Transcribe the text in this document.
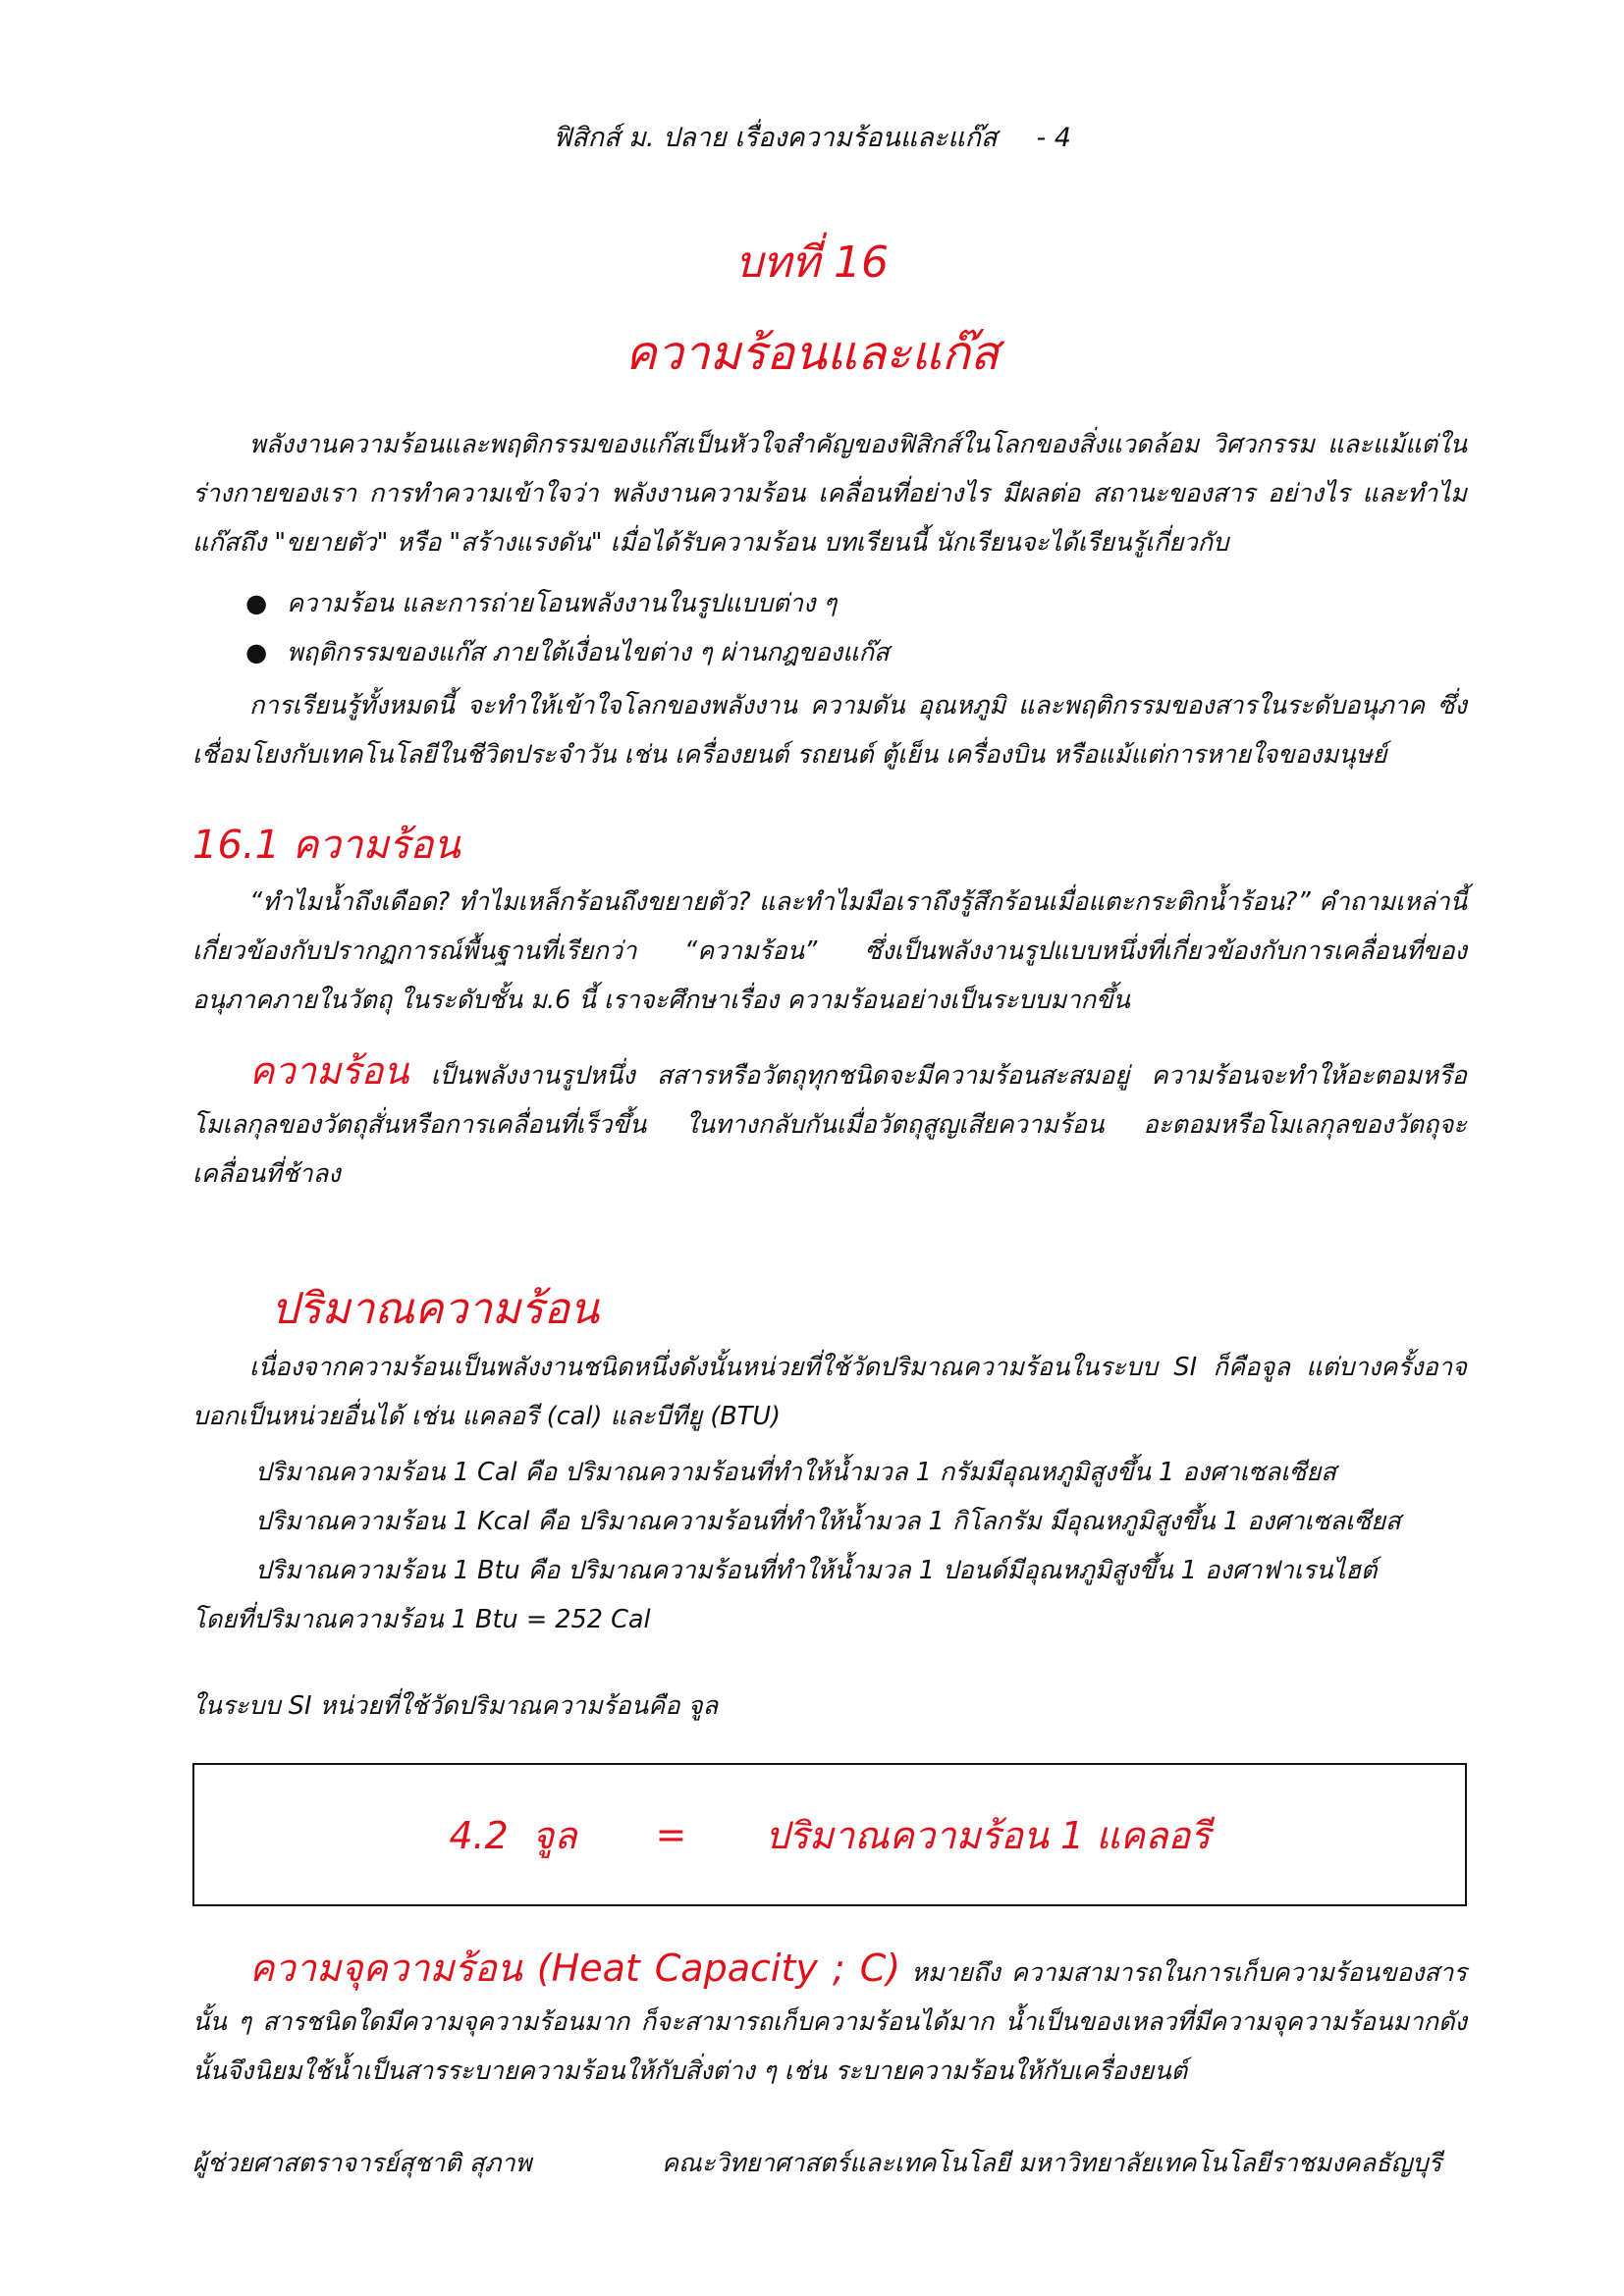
ฟิสิกส์ ม. ปลาย เรื่องความร้อนและแก๊ส - 4
บทที่ 16
ความร้อนและแก๊ส
พลังงานความร้อนและพฤติกรรมของแก๊สเป็นหัวใจสำคัญของฟิสิกส์ในโลกของสิ่งแวดล้อม วิศวกรรม และแม้แต่ในร่างกายของเรา การทำความเข้าใจว่า พลังงานความร้อน เคลื่อนที่อย่างไร มีผลต่อ สถานะของสาร อย่างไร และทำไมแก๊สถึง "ขยายตัว" หรือ "สร้างแรงดัน" เมื่อได้รับความร้อน บทเรียนนี้ นักเรียนจะได้เรียนรู้เกี่ยวกับ
● ความร้อน และการถ่ายโอนพลังงานในรูปแบบต่าง ๆ
● พฤติกรรมของแก๊ส ภายใต้เงื่อนไขต่าง ๆ ผ่านกฎของแก๊ส
การเรียนรู้ทั้งหมดนี้ จะทำให้เข้าใจโลกของพลังงาน ความดัน อุณหภูมิ และพฤติกรรมของสารในระดับอนุภาค ซึ่งเชื่อมโยงกับเทคโนโลยีในชีวิตประจำวัน เช่น เครื่องยนต์ รถยนต์ ตู้เย็น เครื่องบิน หรือแม้แต่การหายใจของมนุษย์
16.1 ความร้อน
“ทำไมน้ำถึงเดือด? ทำไมเหล็กร้อนถึงขยายตัว? และทำไมมือเราถึงรู้สึกร้อนเมื่อแตะกระติกน้ำร้อน?” คำถามเหล่านี้เกี่ยวข้องกับปรากฏการณ์พื้นฐานที่เรียกว่า “ความร้อน” ซึ่งเป็นพลังงานรูปแบบหนึ่งที่เกี่ยวข้องกับการเคลื่อนที่ของอนุภาคภายในวัตถุ ในระดับชั้น ม.6 นี้ เราจะศึกษาเรื่อง ความร้อนอย่างเป็นระบบมากขึ้น
ความร้อน เป็นพลังงานรูปหนึ่ง สสารหรือวัตถุทุกชนิดจะมีความร้อนสะสมอยู่ ความร้อนจะทำให้อะตอมหรือโมเลกุลของวัตถุสั่นหรือการเคลื่อนที่เร็วขึ้น ในทางกลับกันเมื่อวัตถุสูญเสียความร้อน อะตอมหรือโมเลกุลของวัตถุจะเคลื่อนที่ช้าลง
ปริมาณความร้อน
เนื่องจากความร้อนเป็นพลังงานชนิดหนึ่งดังนั้นหน่วยที่ใช้วัดปริมาณความร้อนในระบบ SI ก็คือจูล แต่บางครั้งอาจบอกเป็นหน่วยอื่นได้ เช่น แคลอรี (cal) และบีทียู (BTU)
ปริมาณความร้อน 1 Cal คือ ปริมาณความร้อนที่ทำให้น้ำมวล 1 กรัมมีอุณหภูมิสูงขึ้น 1 องศาเซลเซียส
ปริมาณความร้อน 1 Kcal คือ ปริมาณความร้อนที่ทำให้น้ำมวล 1 กิโลกรัม มีอุณหภูมิสูงขึ้น 1 องศาเซลเซียส
ปริมาณความร้อน 1 Btu คือ ปริมาณความร้อนที่ทำให้น้ำมวล 1 ปอนด์มีอุณหภูมิสูงขึ้น 1 องศาฟาเรนไฮต์
โดยที่ปริมาณความร้อน 1 Btu = 252 Cal
ในระบบ SI หน่วยที่ใช้วัดปริมาณความร้อนคือ จูล
4.2  จูล = ปริมาณความร้อน 1 แคลอรี
ความจุความร้อน (Heat Capacity ; C) หมายถึง ความสามารถในการเก็บความร้อนของสารนั้น ๆ สารชนิดใดมีความจุความร้อนมาก ก็จะสามารถเก็บความร้อนได้มาก น้ำเป็นของเหลวที่มีความจุความร้อนมากดังนั้นจึงนิยมใช้น้ำเป็นสารระบายความร้อนให้กับสิ่งต่าง ๆ เช่น ระบายความร้อนให้กับเครื่องยนต์
ผู้ช่วยศาสตราจารย์สุชาติ สุภาพ	คณะวิทยาศาสตร์และเทคโนโลยี มหาวิทยาลัยเทคโนโลยีราชมงคลธัญบุรี
